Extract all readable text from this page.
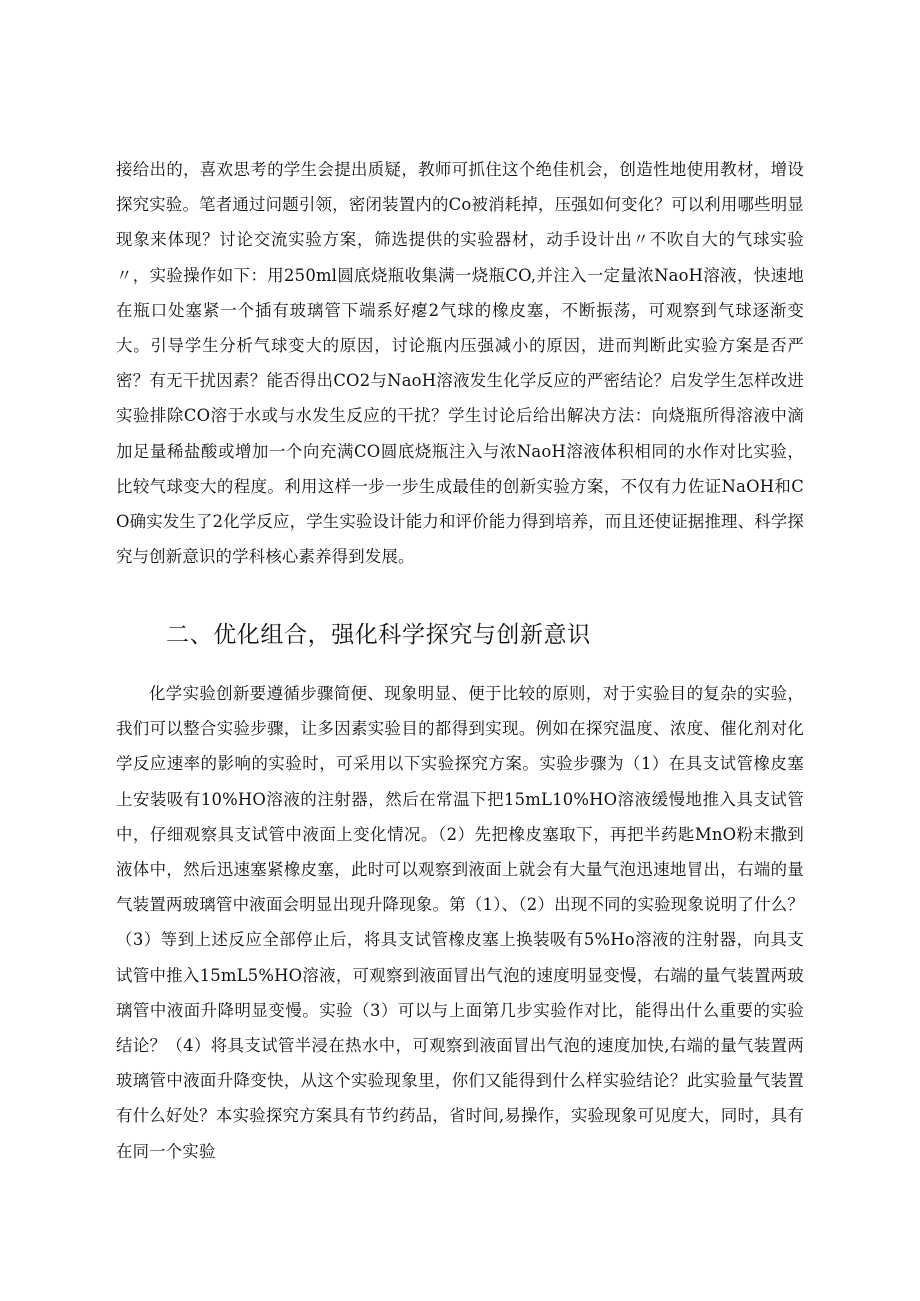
接给出的，喜欢思考的学生会提出质疑，教师可抓住这个绝佳机会，创造性地使用教材，增设探究实验。笔者通过问题引领，密闭装置内的Co被消耗掉，压强如何变化？可以利用哪些明显现象来体现？讨论交流实验方案，筛选提供的实验器材，动手设计出〃不吹自大的气球实验〃，实验操作如下：用250ml圆底烧瓶收集满一烧瓶CO,并注入一定量浓NaoH溶液，快速地在瓶口处塞紧一个插有玻璃管下端系好瘪2气球的橡皮塞，不断振荡，可观察到气球逐渐变大。引导学生分析气球变大的原因，讨论瓶内压强减小的原因，进而判断此实验方案是否严密？有无干扰因素？能否得出CO2与NaoH溶液发生化学反应的严密结论？启发学生怎样改进实验排除CO溶于水或与水发生反应的干扰？学生讨论后给出解决方法：向烧瓶所得溶液中滴加足量稀盐酸或增加一个向充满CO圆底烧瓶注入与浓NaoH溶液体积相同的水作对比实验，比较气球变大的程度。利用这样一步一步生成最佳的创新实验方案，不仅有力佐证NaOH和CO确实发生了2化学反应，学生实验设计能力和评价能力得到培养，而且还使证据推理、科学探究与创新意识的学科核心素养得到发展。

二、优化组合，强化科学探究与创新意识

化学实验创新要遵循步骤简便、现象明显、便于比较的原则，对于实验目的复杂的实验，我们可以整合实验步骤，让多因素实验目的都得到实现。例如在探究温度、浓度、催化剂对化学反应速率的影响的实验时，可采用以下实验探究方案。实验步骤为（1）在具支试管橡皮塞上安装吸有10%HO溶液的注射器，然后在常温下把15mL10%HO溶液缓慢地推入具支试管中，仔细观察具支试管中液面上变化情况。（2）先把橡皮塞取下，再把半药匙MnO粉末撒到液体中，然后迅速塞紧橡皮塞，此时可以观察到液面上就会有大量气泡迅速地冒出，右端的量气装置两玻璃管中液面会明显出现升降现象。第（1）、（2）出现不同的实验现象说明了什么？（3）等到上述反应全部停止后，将具支试管橡皮塞上换装吸有5%Ho溶液的注射器，向具支试管中推入15mL5%HO溶液，可观察到液面冒出气泡的速度明显变慢，右端的量气装置两玻璃管中液面升降明显变慢。实验（3）可以与上面第几步实验作对比，能得出什么重要的实验结论？（4）将具支试管半浸在热水中，可观察到液面冒出气泡的速度加快,右端的量气装置两玻璃管中液面升降变快，从这个实验现象里，你们又能得到什么样实验结论？此实验量气装置有什么好处？本实验探究方案具有节约药品，省时间,易操作，实验现象可见度大，同时，具有在同一个实验
